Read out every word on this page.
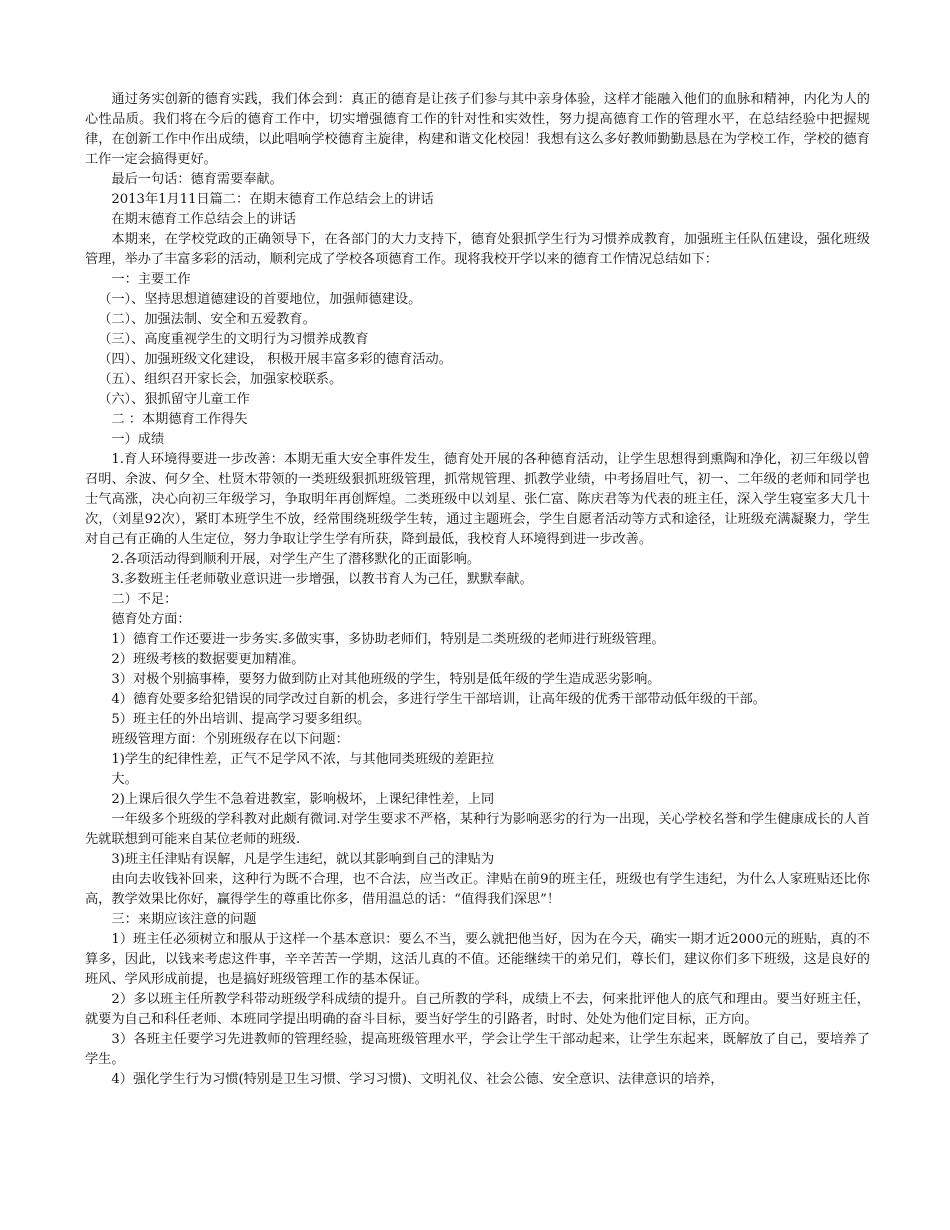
通过务实创新的德育实践，我们体会到：真正的德育是让孩子们参与其中亲身体验，这样才能融入他们的血脉和精神，内化为人的心性品质。我们将在今后的德育工作中，切实增强德育工作的针对性和实效性，努力提高德育工作的管理水平，在总结经验中把握规律，在创新工作中作出成绩，以此唱响学校德育主旋律，构建和谐文化校园！我想有这么多好教师勤勤恳恳在为学校工作，学校的德育工作一定会搞得更好。

最后一句话：德育需要奉献。

2013年1月11日篇二：在期末德育工作总结会上的讲话

在期末德育工作总结会上的讲话

本期来，在学校党政的正确领导下，在各部门的大力支持下，德育处狠抓学生行为习惯养成教育，加强班主任队伍建设，强化班级管理，举办了丰富多彩的活动，顺利完成了学校各项德育工作。现将我校开学以来的德育工作情况总结如下：

一：主要工作

（一）、坚持思想道德建设的首要地位，加强师德建设。

（二）、加强法制、安全和五爱教育。

（三）、高度重视学生的文明行为习惯养成教育

（四）、加强班级文化建设， 积极开展丰富多彩的德育活动。

（五）、组织召开家长会，加强家校联系。

（六）、狠抓留守儿童工作

二 ：本期德育工作得失

一）成绩

1.育人环境得要进一步改善：本期无重大安全事件发生，德育处开展的各种德育活动，让学生思想得到熏陶和净化，初三年级以曾召明、余波、何夕全、杜贤木带领的一类班级狠抓班级管理，抓常规管理、抓教学业绩，中考扬眉吐气，初一、二年级的老师和同学也士气高涨，决心向初三年级学习，争取明年再创辉煌。二类班级中以刘星、张仁富、陈庆君等为代表的班主任，深入学生寝室多大几十次，（刘星92次），紧盯本班学生不放，经常围绕班级学生转，通过主题班会，学生自愿者活动等方式和途径，让班级充满凝聚力，学生对自己有正确的人生定位，努力争取让学生学有所获，降到最低，我校育人环境得到进一步改善。

2.各项活动得到顺利开展，对学生产生了潜移默化的正面影响。

3.多数班主任老师敬业意识进一步增强，以教书育人为己任，默默奉献。

二）不足：

德育处方面：

1）德育工作还要进一步务实.多做实事，多协助老师们，特别是二类班级的老师进行班级管理。

2）班级考核的数据要更加精准。

3）对极个别搞事棒，要努力做到防止对其他班级的学生，特别是低年级的学生造成恶劣影响。

4）德育处要多给犯错误的同学改过自新的机会，多进行学生干部培训，让高年级的优秀干部带动低年级的干部。

5）班主任的外出培训、提高学习要多组织。

班级管理方面：个别班级存在以下问题：

1)学生的纪律性差，正气不足学风不浓，与其他同类班级的差距拉

大。

2)上课后很久学生不急着进教室，影响极坏，上课纪律性差，上同

一年级多个班级的学科教对此颇有微词.对学生要求不严格，某种行为影响恶劣的行为一出现，关心学校名誉和学生健康成长的人首先就联想到可能来自某位老师的班级.

3)班主任津贴有误解，凡是学生违纪，就以其影响到自己的津贴为

由向去收钱补回来，这种行为既不合理，也不合法，应当改正。津贴在前9的班主任，班级也有学生违纪，为什么人家班贴还比你高，教学效果比你好，赢得学生的尊重比你多，借用温总的话：“值得我们深思”！

三：来期应该注意的问题

1）班主任必须树立和服从于这样一个基本意识：要么不当，要么就把他当好，因为在今天，确实一期才近2000元的班贴，真的不算多，因此，以钱来考虑这件事，辛辛苦苦一学期，这活儿真的不值。还能继续干的弟兄们，尊长们，建议你们多下班级，这是良好的班风、学风形成前提，也是搞好班级管理工作的基本保证。

2）多以班主任所教学科带动班级学科成绩的提升。自己所教的学科，成绩上不去，何来批评他人的底气和理由。要当好班主任，就要为自己和科任老师、本班同学提出明确的奋斗目标，要当好学生的引路者，时时、处处为他们定目标，正方向。

3）各班主任要学习先进教师的管理经验，提高班级管理水平，学会让学生干部动起来，让学生东起来，既解放了自己，要培养了学生。

4）强化学生行为习惯(特别是卫生习惯、学习习惯)、文明礼仪、社会公德、安全意识、法律意识的培养，
